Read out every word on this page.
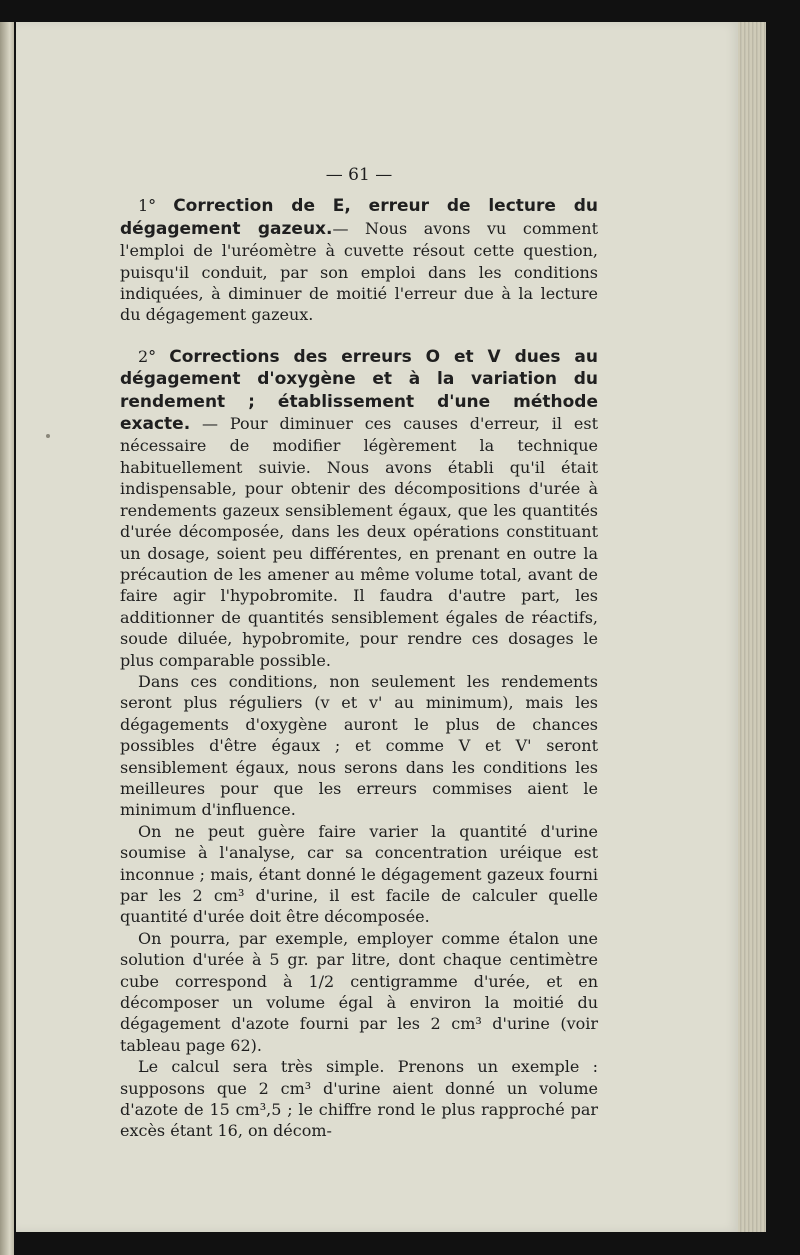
— 61 —

1° Correction de E, erreur de lecture du dégagement gazeux.— Nous avons vu comment l'emploi de l'uréomètre à cuvette résout cette question, puisqu'il conduit, par son emploi dans les conditions indiquées, à diminuer de moitié l'erreur due à la lecture du dégagement gazeux.

2° Corrections des erreurs O et V dues au dégagement d'oxygène et à la variation du rendement ; établissement d'une méthode exacte. — Pour diminuer ces causes d'erreur, il est nécessaire de modifier légèrement la technique habituellement suivie. Nous avons établi qu'il était indispensable, pour obtenir des décompositions d'urée à rendements gazeux sensiblement égaux, que les quantités d'urée décomposée, dans les deux opérations constituant un dosage, soient peu différentes, en prenant en outre la précaution de les amener au même volume total, avant de faire agir l'hypobromite. Il faudra d'autre part, les additionner de quantités sensiblement égales de réactifs, soude diluée, hypobromite, pour rendre ces dosages le plus comparable possible.

Dans ces conditions, non seulement les rendements seront plus réguliers (v et v' au minimum), mais les dégagements d'oxygène auront le plus de chances possibles d'être égaux ; et comme V et V' seront sensiblement égaux, nous serons dans les conditions les meilleures pour que les erreurs commises aient le minimum d'influence.

On ne peut guère faire varier la quantité d'urine soumise à l'analyse, car sa concentration uréique est inconnue ; mais, étant donné le dégagement gazeux fourni par les 2 cm³ d'urine, il est facile de calculer quelle quantité d'urée doit être décomposée.

On pourra, par exemple, employer comme étalon une solution d'urée à 5 gr. par litre, dont chaque centimètre cube correspond à 1/2 centigramme d'urée, et en décomposer un volume égal à environ la moitié du dégagement d'azote fourni par les 2 cm³ d'urine (voir tableau page 62).

Le calcul sera très simple. Prenons un exemple : supposons que 2 cm³ d'urine aient donné un volume d'azote de 15 cm³,5 ; le chiffre rond le plus rapproché par excès étant 16, on décom-
